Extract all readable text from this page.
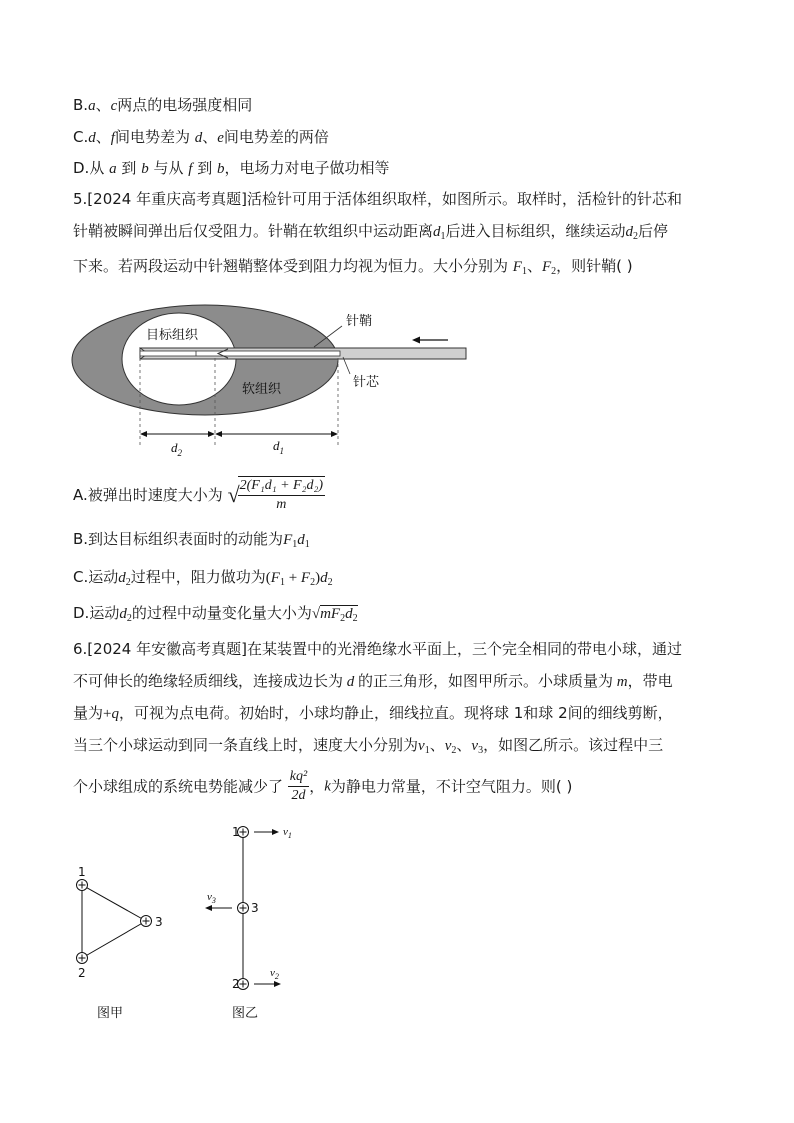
B.a、c两点的电场强度相同
C.d、f间电势差为 d、e间电势差的两倍
D.从 a 到 b 与从 f 到 b，电场力对电子做功相等
5.[2024 年重庆高考真题]活检针可用于活体组织取样，如图所示。取样时，活检针的针芯和
针鞘被瞬间弹出后仅受阻力。针鞘在软组织中运动距离$d_1$后进入目标组织，继续运动$d_2$后停
下来。若两段运动中针翘鞘整体受到阻力均视为恒力。大小分别为 $F_1$、$F_2$，则针鞘( )
目标组织
软组织
针鞘
针芯
$d_2$	$d_1$
A.被弹出时速度大小为 √
$\frac{\text{2(F₁d₁ + F₂d₂)}}{m}$
B.到达目标组织表面时的动能为$F_1d_1$
C.运动$d_2$过程中，阻力做功为$(F_1 + F_2)d_2$
D.运动$d_2$的过程中动量变化量大小为$√mF_2d_2$
6.[2024 年安徽高考真题]在某装置中的光滑绝缘水平面上，三个完全相同的带电小球，通过
不可伸长的绝缘轻质细线，连接成边长为 d 的正三角形，如图甲所示。小球质量为 m，带电
量为+q，可视为点电荷。初始时，小球均静止，细线拉直。现将球 1和球 2间的细线剪断，
当三个小球运动到同一条直线上时，速度大小分别为$v_1$、$v_2$、$v_3$，如图乙所示。该过程中三
个小球组成的系统电势能减少了 $\frac{\text{kq²}}{2d}$ ，k为静电力常量，不计空气阻力。则( )
1
2
3
图甲
1
3
2
$v_1$
$v_3$
$v_2$
图乙
